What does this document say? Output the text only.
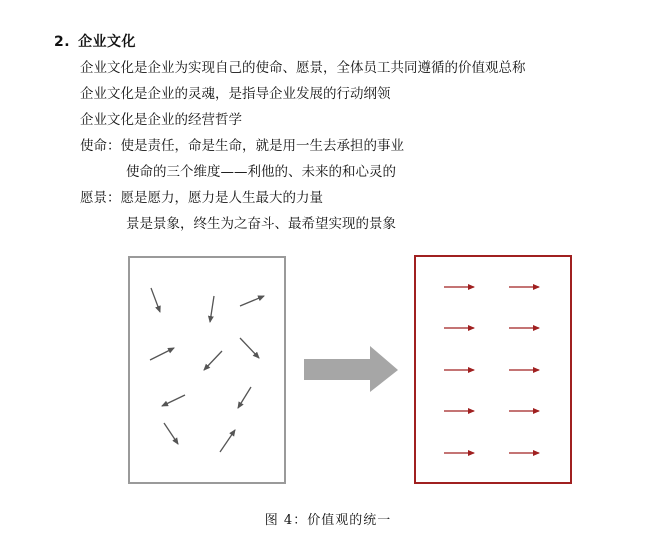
2. 企业文化
企业文化是企业为实现自己的使命、愿景，全体员工共同遵循的价值观总称
企业文化是企业的灵魂，是指导企业发展的行动纲领
企业文化是企业的经营哲学
使命：使是责任，命是生命，就是用一生去承担的事业
使命的三个维度——利他的、未来的和心灵的
愿景：愿是愿力，愿力是人生最大的力量
景是景象，终生为之奋斗、最希望实现的景象
图 4：价值观的统一
